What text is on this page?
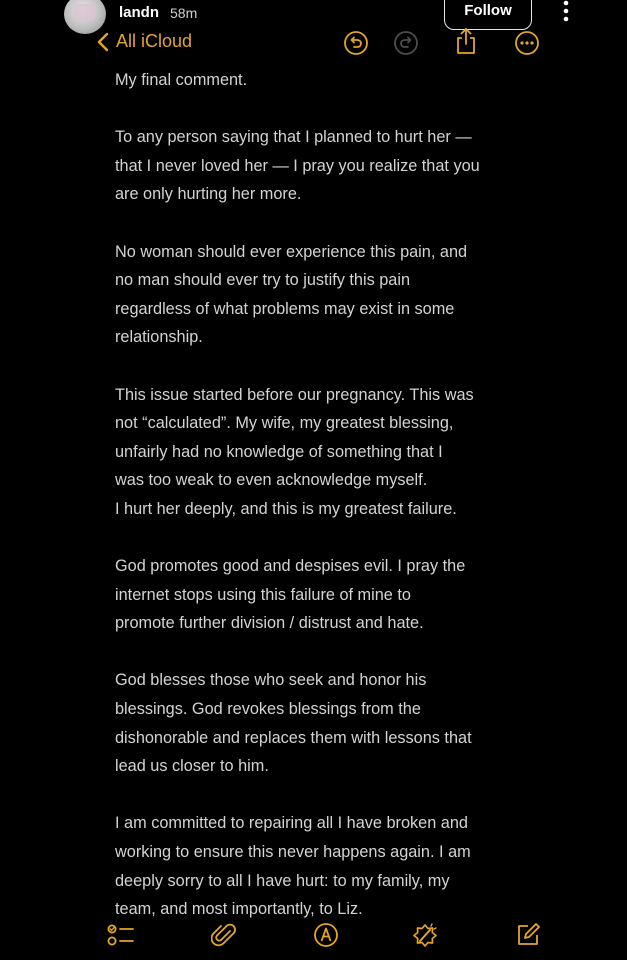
landn 58m	Follow
All iCloud

My final comment.

To any person saying that I planned to hurt her —
that I never loved her — I pray you realize that you
are only hurting her more.

No woman should ever experience this pain, and
no man should ever try to justify this pain
regardless of what problems may exist in some
relationship.

This issue started before our pregnancy. This was
not “calculated”. My wife, my greatest blessing,
unfairly had no knowledge of something that I
was too weak to even acknowledge myself.
I hurt her deeply, and this is my greatest failure.

God promotes good and despises evil. I pray the
internet stops using this failure of mine to
promote further division / distrust and hate.

God blesses those who seek and honor his
blessings. God revokes blessings from the
dishonorable and replaces them with lessons that
lead us closer to him.

I am committed to repairing all I have broken and
working to ensure this never happens again. I am
deeply sorry to all I have hurt: to my family, my
team, and most importantly, to Liz.
